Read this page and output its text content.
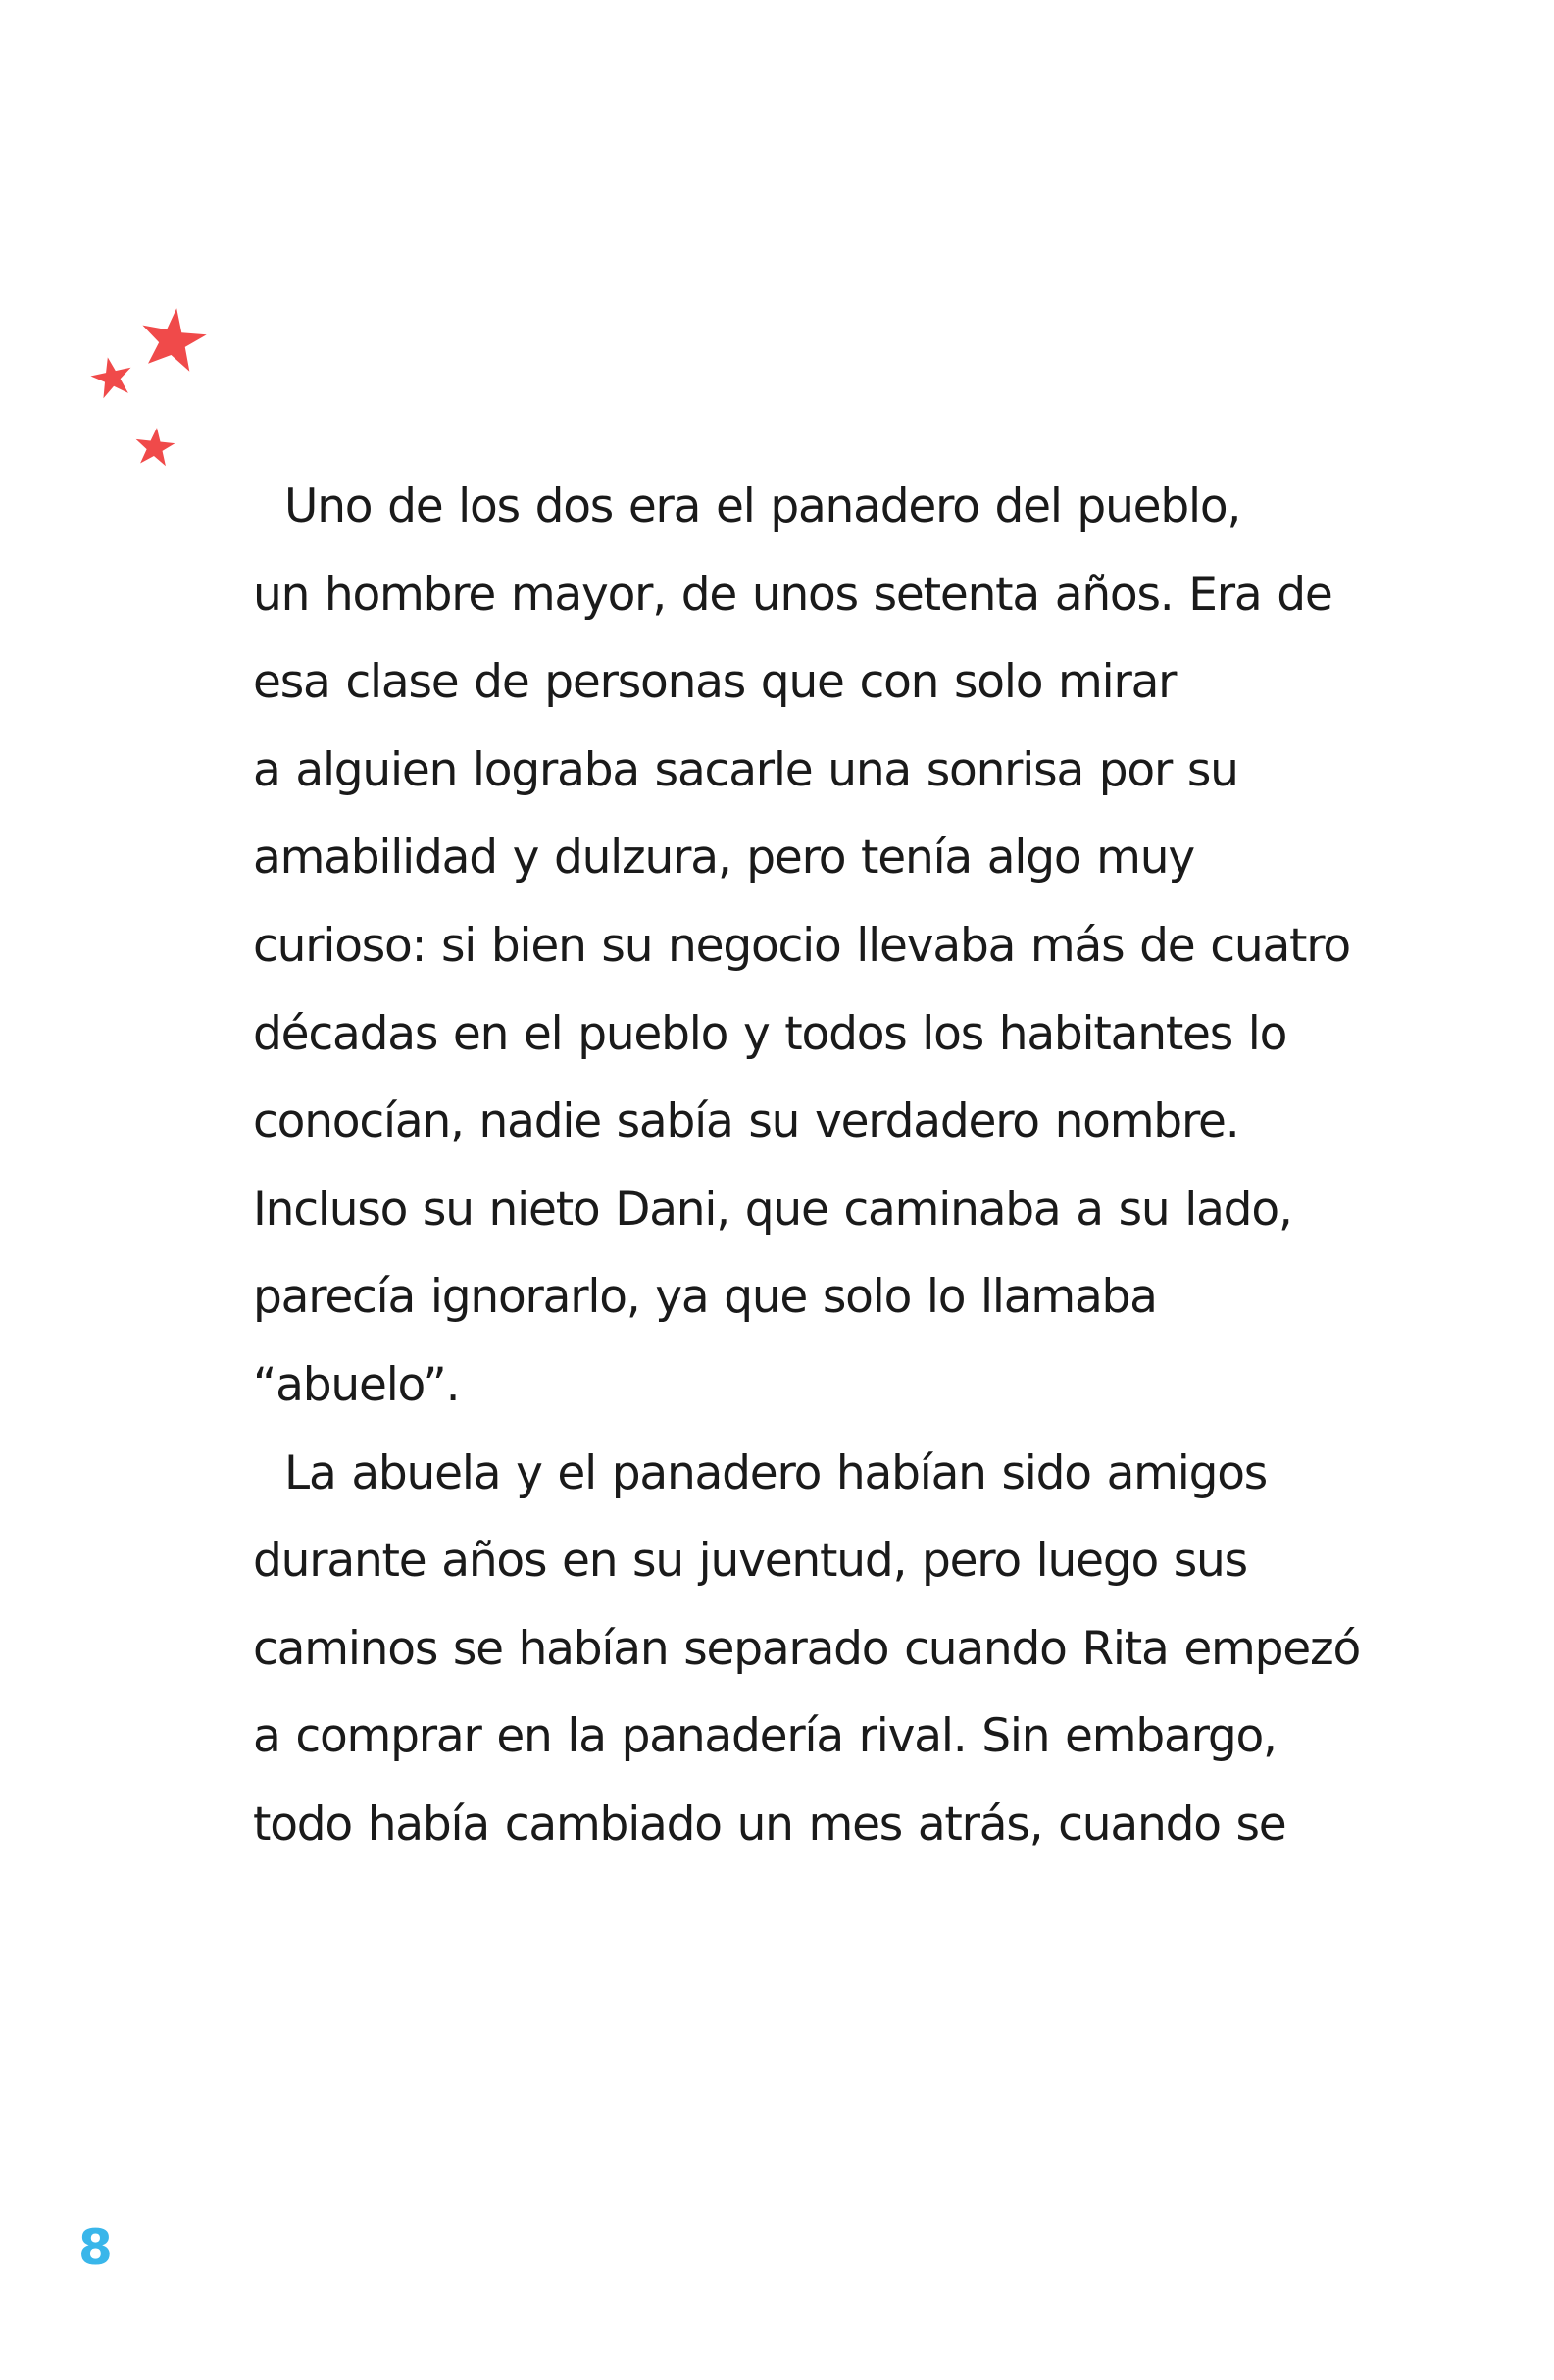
Uno de los dos era el panadero del pueblo,
un hombre mayor, de unos setenta años. Era de
esa clase de personas que con solo mirar
a alguien lograba sacarle una sonrisa por su
amabilidad y dulzura, pero tenía algo muy
curioso: si bien su negocio llevaba más de cuatro
décadas en el pueblo y todos los habitantes lo
conocían, nadie sabía su verdadero nombre.
Incluso su nieto Dani, que caminaba a su lado,
parecía ignorarlo, ya que solo lo llamaba
“abuelo”.
La abuela y el panadero habían sido amigos
durante años en su juventud, pero luego sus
caminos se habían separado cuando Rita empezó
a comprar en la panadería rival. Sin embargo,
todo había cambiado un mes atrás, cuando se
8
